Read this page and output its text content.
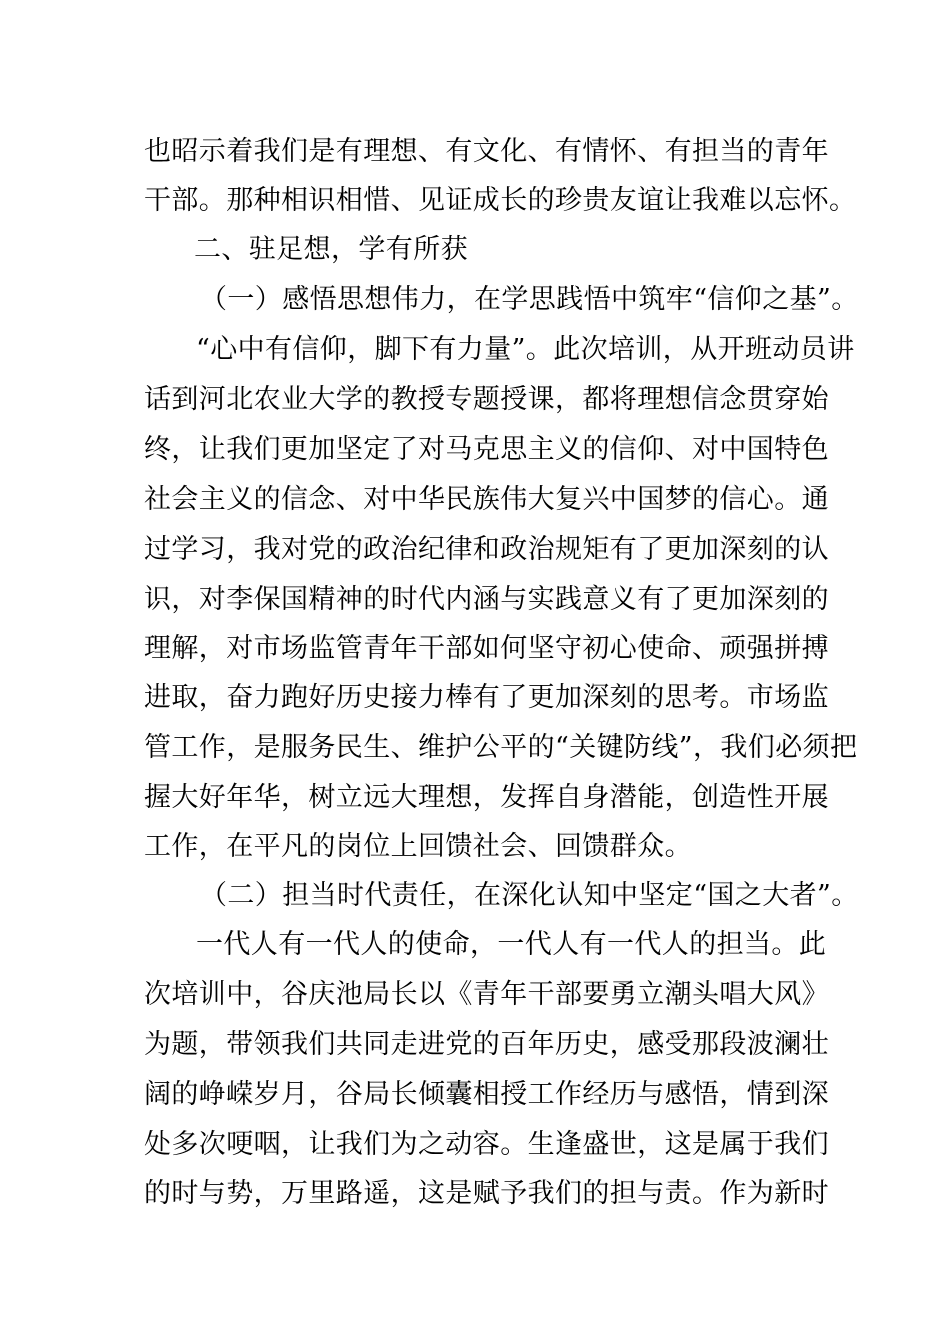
也昭示着我们是有理想、有文化、有情怀、有担当的青年
干部。那种相识相惜、见证成长的珍贵友谊让我难以忘怀。
二、驻足想，学有所获
（一）感悟思想伟力，在学思践悟中筑牢“信仰之基”。
“心中有信仰，脚下有力量”。此次培训，从开班动员讲
话到河北农业大学的教授专题授课，都将理想信念贯穿始
终，让我们更加坚定了对马克思主义的信仰、对中国特色
社会主义的信念、对中华民族伟大复兴中国梦的信心。通
过学习，我对党的政治纪律和政治规矩有了更加深刻的认
识，对李保国精神的时代内涵与实践意义有了更加深刻的
理解，对市场监管青年干部如何坚守初心使命、顽强拼搏
进取，奋力跑好历史接力棒有了更加深刻的思考。市场监
管工作，是服务民生、维护公平的“关键防线”，我们必须把
握大好年华，树立远大理想，发挥自身潜能，创造性开展
工作，在平凡的岗位上回馈社会、回馈群众。
（二）担当时代责任，在深化认知中坚定“国之大者”。
一代人有一代人的使命，一代人有一代人的担当。此
次培训中，谷庆池局长以《青年干部要勇立潮头唱大风》
为题，带领我们共同走进党的百年历史，感受那段波澜壮
阔的峥嵘岁月，谷局长倾囊相授工作经历与感悟，情到深
处多次哽咽，让我们为之动容。生逢盛世，这是属于我们
的时与势，万里路遥，这是赋予我们的担与责。作为新时
